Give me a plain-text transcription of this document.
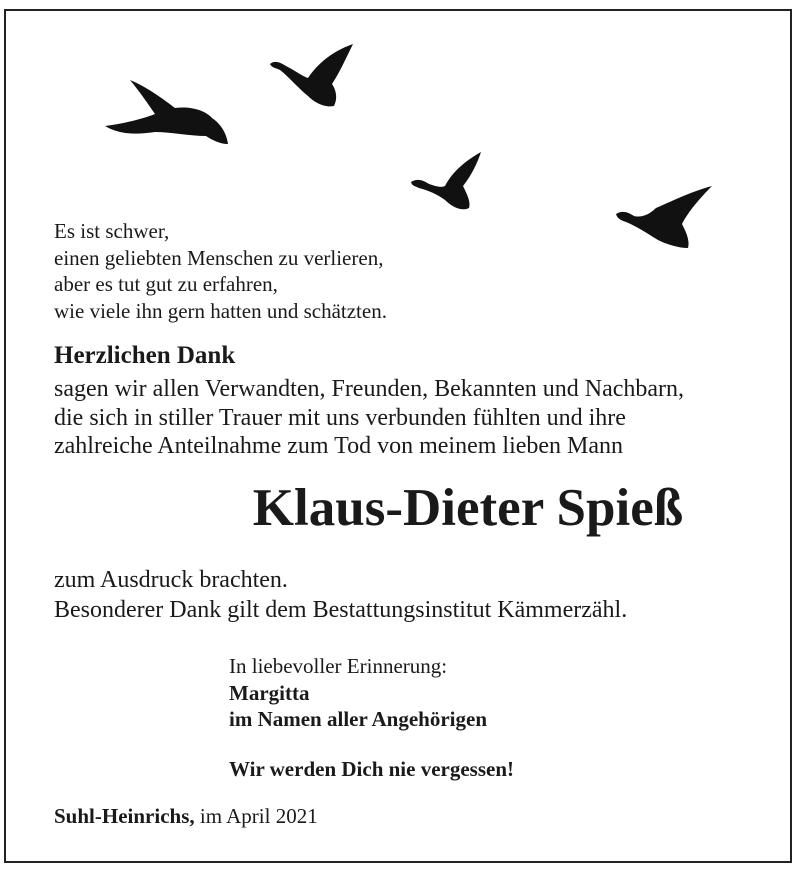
Es ist schwer,
einen geliebten Menschen zu verlieren,
aber es tut gut zu erfahren,
wie viele ihn gern hatten und schätzten.
Herzlichen Dank
sagen wir allen Verwandten, Freunden, Bekannten und Nachbarn,
die sich in stiller Trauer mit uns verbunden fühlten und ihre
zahlreiche Anteilnahme zum Tod von meinem lieben Mann
Klaus-Dieter Spieß
zum Ausdruck brachten.
Besonderer Dank gilt dem Bestattungsinstitut Kämmerzähl.
In liebevoller Erinnerung:
Margitta
im Namen aller Angehörigen
Wir werden Dich nie vergessen!
Suhl-Heinrichs, im April 2021
